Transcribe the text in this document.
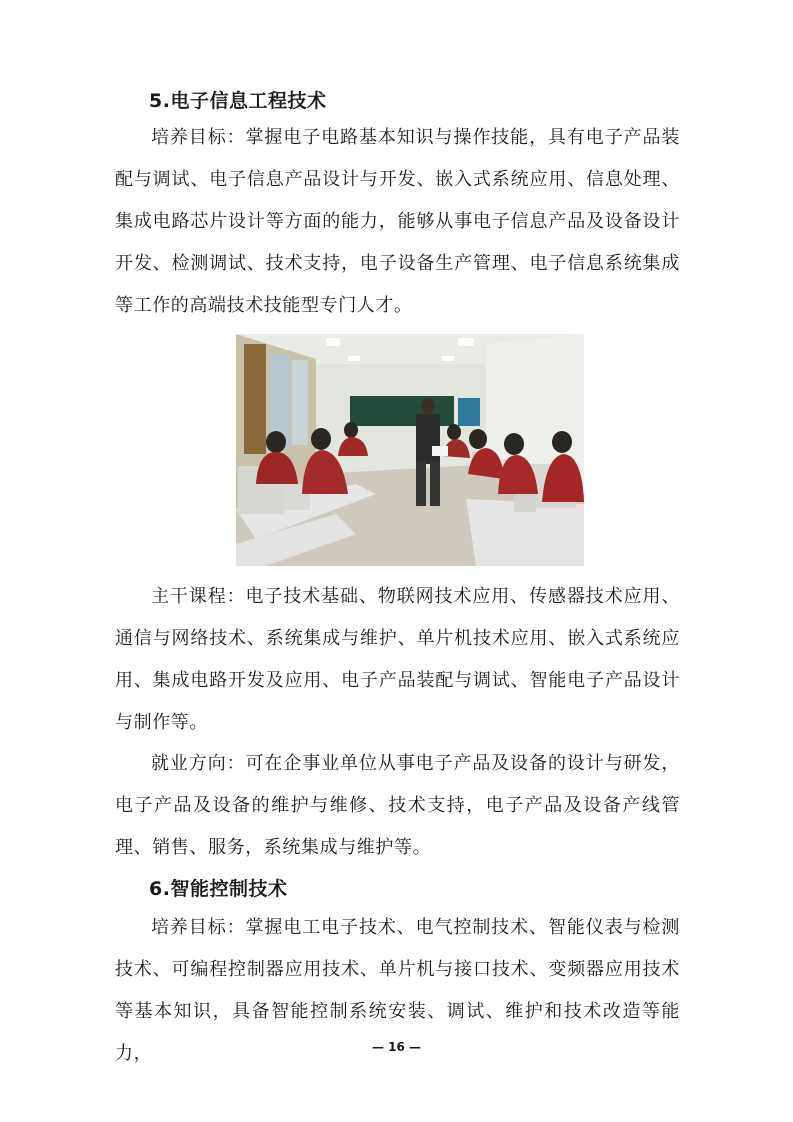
5.电子信息工程技术
培养目标：掌握电子电路基本知识与操作技能，具有电子产品装配与调试、电子信息产品设计与开发、嵌入式系统应用、信息处理、集成电路芯片设计等方面的能力，能够从事电子信息产品及设备设计开发、检测调试、技术支持，电子设备生产管理、电子信息系统集成等工作的高端技术技能型专门人才。
主干课程：电子技术基础、物联网技术应用、传感器技术应用、通信与网络技术、系统集成与维护、单片机技术应用、嵌入式系统应用、集成电路开发及应用、电子产品装配与调试、智能电子产品设计与制作等。
就业方向：可在企事业单位从事电子产品及设备的设计与研发，电子产品及设备的维护与维修、技术支持，电子产品及设备产线管理、销售、服务，系统集成与维护等。
6.智能控制技术
培养目标：掌握电工电子技术、电气控制技术、智能仪表与检测技术、可编程控制器应用技术、单片机与接口技术、变频器应用技术等基本知识，具备智能控制系统安装、调试、维护和技术改造等能力，	— 16 —
